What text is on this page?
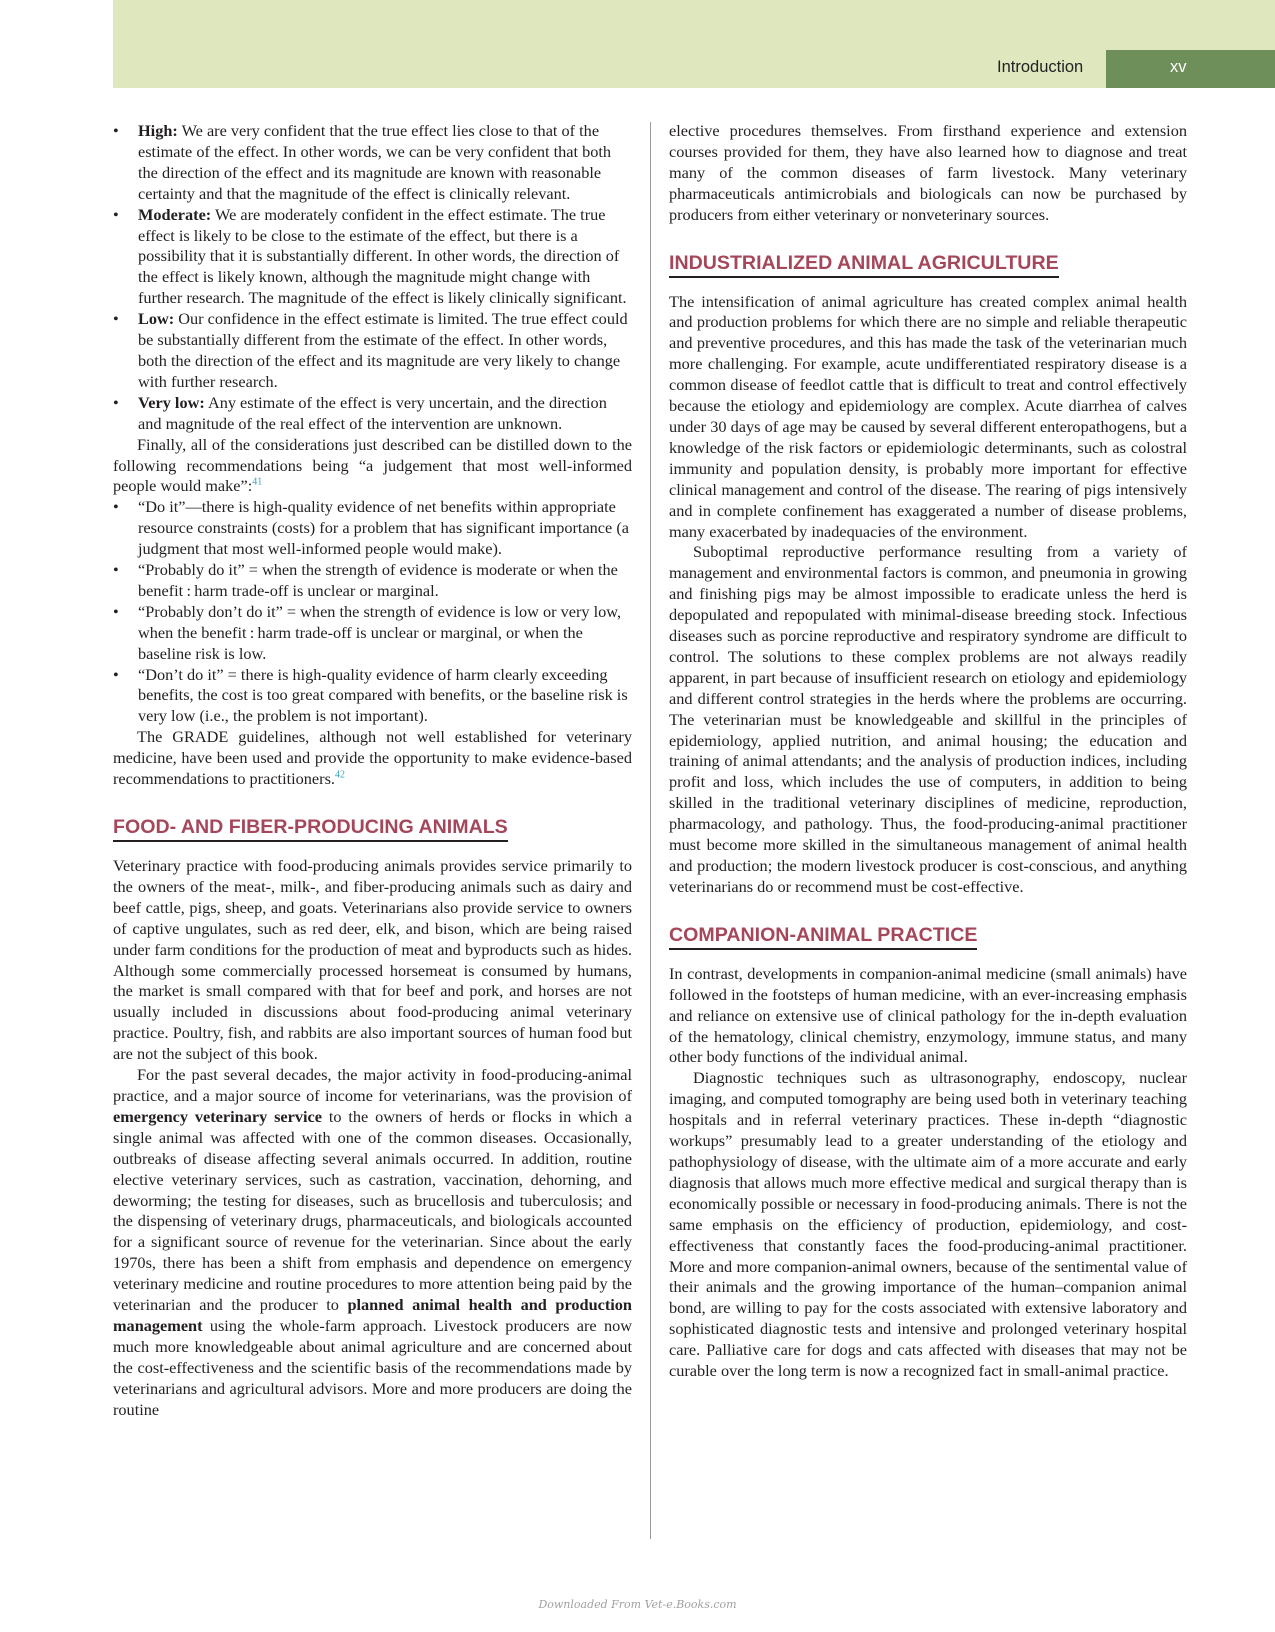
Introduction	xv
• High: We are very confident that the true effect lies close to that of the estimate of the effect. In other words, we can be very confident that both the direction of the effect and its magnitude are known with reasonable certainty and that the magnitude of the effect is clinically relevant.
• Moderate: We are moderately confident in the effect estimate. The true effect is likely to be close to the estimate of the effect, but there is a possibility that it is substantially different. In other words, the direction of the effect is likely known, although the magnitude might change with further research. The magnitude of the effect is likely clinically significant.
• Low: Our confidence in the effect estimate is limited. The true effect could be substantially different from the estimate of the effect. In other words, both the direction of the effect and its magnitude are very likely to change with further research.
• Very low: Any estimate of the effect is very uncertain, and the direction and magnitude of the real effect of the intervention are unknown.

Finally, all of the considerations just described can be distilled down to the following recommendations being “a judgement that most well-informed people would make”:$^{41}$

• “Do it”—there is high-quality evidence of net benefits within appropriate resource constraints (costs) for a problem that has significant importance (a judgment that most well-informed people would make).
• “Probably do it” = when the strength of evidence is moderate or when the benefit : harm trade-off is unclear or marginal.
• “Probably don’t do it” = when the strength of evidence is low or very low, when the benefit : harm trade-off is unclear or marginal, or when the baseline risk is low.
• “Don’t do it” = there is high-quality evidence of harm clearly exceeding benefits, the cost is too great compared with benefits, or the baseline risk is very low (i.e., the problem is not important).

The GRADE guidelines, although not well established for veterinary medicine, have been used and provide the opportunity to make evidence-based recommendations to practitioners.$^{42}$

FOOD- AND FIBER-PRODUCING ANIMALS

Veterinary practice with food-producing animals provides service primarily to the owners of the meat-, milk-, and fiber-producing animals such as dairy and beef cattle, pigs, sheep, and goats. Veterinarians also provide service to owners of captive ungulates, such as red deer, elk, and bison, which are being raised under farm conditions for the production of meat and byproducts such as hides. Although some commercially processed horsemeat is consumed by humans, the market is small compared with that for beef and pork, and horses are not usually included in discussions about food-producing animal veterinary practice. Poultry, fish, and rabbits are also important sources of human food but are not the subject of this book.

For the past several decades, the major activity in food-producing-animal practice, and a major source of income for veterinarians, was the provision of emergency veterinary service to the owners of herds or flocks in which a single animal was affected with one of the common diseases. Occasionally, outbreaks of disease affecting several animals occurred. In addition, routine elective veterinary services, such as castration, vaccination, dehorning, and deworming; the testing for diseases, such as brucellosis and tuberculosis; and the dispensing of veterinary drugs, pharmaceuticals, and biologicals accounted for a significant source of revenue for the veterinarian. Since about the early 1970s, there has been a shift from emphasis and dependence on emergency veterinary medicine and routine procedures to more attention being paid by the veterinarian and the producer to planned animal health and production management using the whole-farm approach. Livestock producers are now much more knowledgeable about animal agriculture and are concerned about the cost-effectiveness and the scientific basis of the recommendations made by veterinarians and agricultural advisors. More and more producers are doing the routine

elective procedures themselves. From firsthand experience and extension courses provided for them, they have also learned how to diagnose and treat many of the common diseases of farm livestock. Many veterinary pharmaceuticals antimicrobials and biologicals can now be purchased by producers from either veterinary or nonveterinary sources.

INDUSTRIALIZED ANIMAL AGRICULTURE

The intensification of animal agriculture has created complex animal health and production problems for which there are no simple and reliable therapeutic and preventive procedures, and this has made the task of the veterinarian much more challenging. For example, acute undifferentiated respiratory disease is a common disease of feedlot cattle that is difficult to treat and control effectively because the etiology and epidemiology are complex. Acute diarrhea of calves under 30 days of age may be caused by several different enteropathogens, but a knowledge of the risk factors or epidemiologic determinants, such as colostral immunity and population density, is probably more important for effective clinical management and control of the disease. The rearing of pigs intensively and in complete confinement has exaggerated a number of disease problems, many exacerbated by inadequacies of the environment.

Suboptimal reproductive performance resulting from a variety of management and environmental factors is common, and pneumonia in growing and finishing pigs may be almost impossible to eradicate unless the herd is depopulated and repopulated with minimal-disease breeding stock. Infectious diseases such as porcine reproductive and respiratory syndrome are difficult to control. The solutions to these complex problems are not always readily apparent, in part because of insufficient research on etiology and epidemiology and different control strategies in the herds where the problems are occurring. The veterinarian must be knowledgeable and skillful in the principles of epidemiology, applied nutrition, and animal housing; the education and training of animal attendants; and the analysis of production indices, including profit and loss, which includes the use of computers, in addition to being skilled in the traditional veterinary disciplines of medicine, reproduction, pharmacology, and pathology. Thus, the food-producing-animal practitioner must become more skilled in the simultaneous management of animal health and production; the modern livestock producer is cost-conscious, and anything veterinarians do or recommend must be cost-effective.

COMPANION-ANIMAL PRACTICE

In contrast, developments in companion-animal medicine (small animals) have followed in the footsteps of human medicine, with an ever-increasing emphasis and reliance on extensive use of clinical pathology for the in-depth evaluation of the hematology, clinical chemistry, enzymology, immune status, and many other body functions of the individual animal.

Diagnostic techniques such as ultrasonography, endoscopy, nuclear imaging, and computed tomography are being used both in veterinary teaching hospitals and in referral veterinary practices. These in-depth “diagnostic workups” presumably lead to a greater understanding of the etiology and pathophysiology of disease, with the ultimate aim of a more accurate and early diagnosis that allows much more effective medical and surgical therapy than is economically possible or necessary in food-producing animals. There is not the same emphasis on the efficiency of production, epidemiology, and cost-effectiveness that constantly faces the food-producing-animal practitioner. More and more companion-animal owners, because of the sentimental value of their animals and the growing importance of the human–companion animal bond, are willing to pay for the costs associated with extensive laboratory and sophisticated diagnostic tests and intensive and prolonged veterinary hospital care. Palliative care for dogs and cats affected with diseases that may not be curable over the long term is now a recognized fact in small-animal practice.

Downloaded From Vet-e.Books.com
